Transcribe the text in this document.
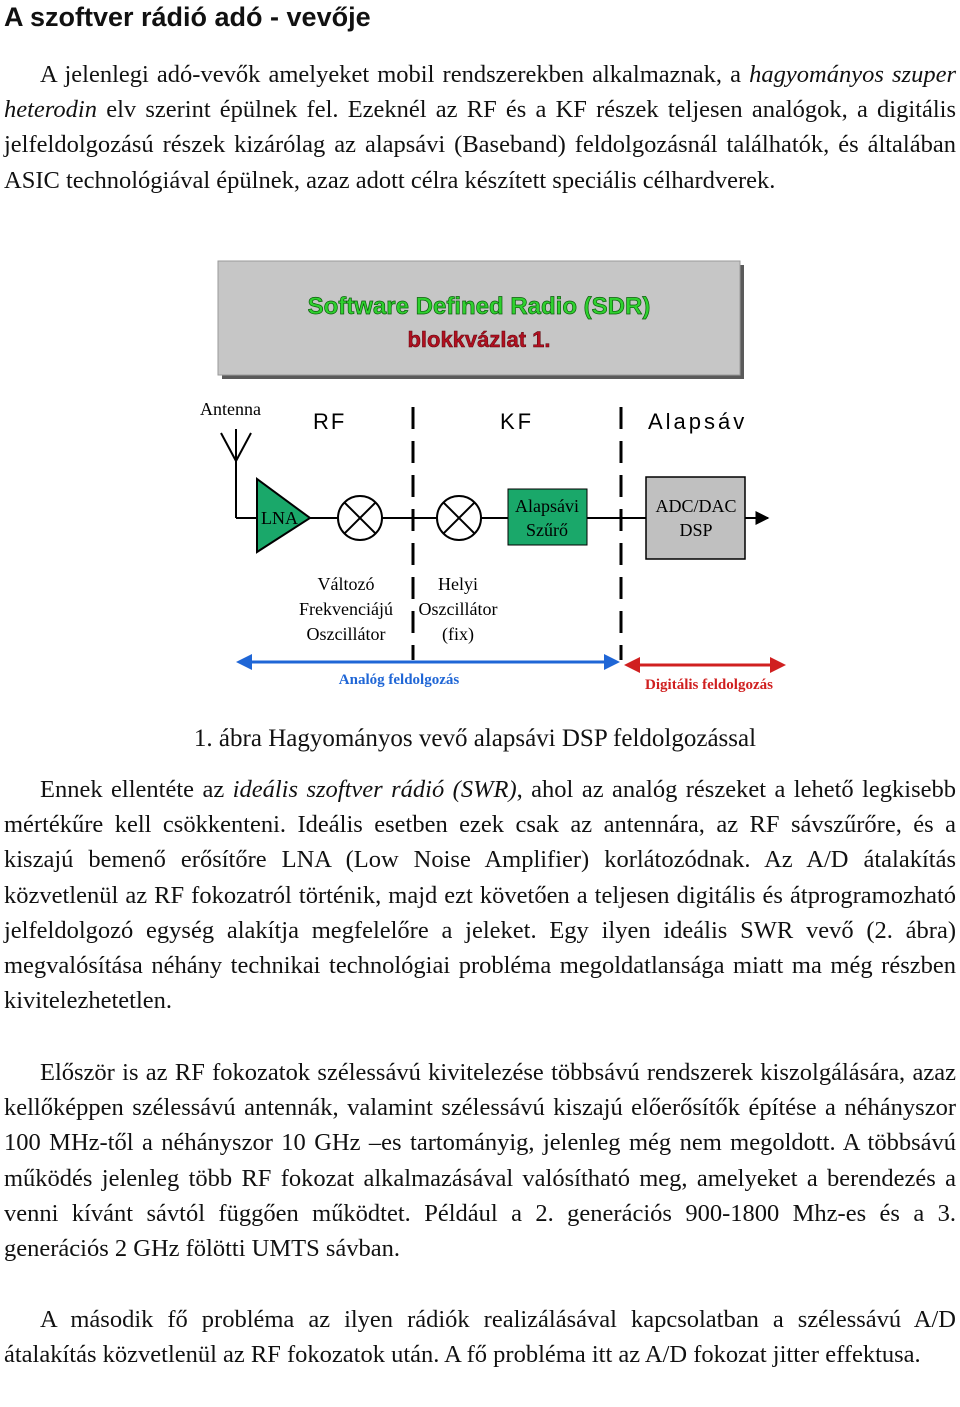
A szoftver rádió adó - vevője

A jelenlegi adó-vevők amelyeket mobil rendszerekben alkalmaznak, a hagyományos szuper heterodin elv szerint épülnek fel. Ezeknél az RF és a KF részek teljesen analógok, a digitális jelfeldolgozású részek kizárólag az alapsávi (Baseband) feldolgozásnál találhatók, és általában ASIC technológiával épülnek, azaz adott célra készített speciális célhardverek.

Software Defined Radio (SDR)
blokkvázlat 1.
Antenna RF	KF	Alapsáv
LNA
Alapsávi
Szűrő
ADC/DAC
DSP
Változó
Frekvenciájú
Oszcillátor
Helyi
Oszcillátor
(fix)
Analóg feldolgozás	Digitális feldolgozás

1. ábra Hagyományos vevő alapsávi DSP feldolgozással

Ennek ellentéte az ideális szoftver rádió (SWR), ahol az analóg részeket a lehető legkisebb mértékűre kell csökkenteni. Ideális esetben ezek csak az antennára, az RF sávszűrőre, és a kiszajú bemenő erősítőre LNA (Low Noise Amplifier) korlátozódnak. Az A/D átalakítás közvetlenül az RF fokozatról történik, majd ezt követően a teljesen digitális és átprogramozható jelfeldolgozó egység alakítja megfelelőre a jeleket. Egy ilyen ideális SWR vevő (2. ábra) megvalósítása néhány technikai technológiai probléma megoldatlansága miatt ma még részben kivitelezhetetlen.

Először is az RF fokozatok szélessávú kivitelezése többsávú rendszerek kiszolgálására, azaz kellőképpen szélessávú antennák, valamint szélessávú kiszajú előerősítők építése a néhányszor 100 MHz-től a néhányszor 10 GHz –es tartományig, jelenleg még nem megoldott. A többsávú működés jelenleg több RF fokozat alkalmazásával valósítható meg, amelyeket a berendezés a venni kívánt sávtól függően működtet. Például a 2. generációs 900-1800 Mhz-es és a 3. generációs 2 GHz fölötti UMTS sávban.

A második fő probléma az ilyen rádiók realizálásával kapcsolatban a szélessávú A/D átalakítás közvetlenül az RF fokozatok után. A fő probléma itt az A/D fokozat jitter effektusa.
